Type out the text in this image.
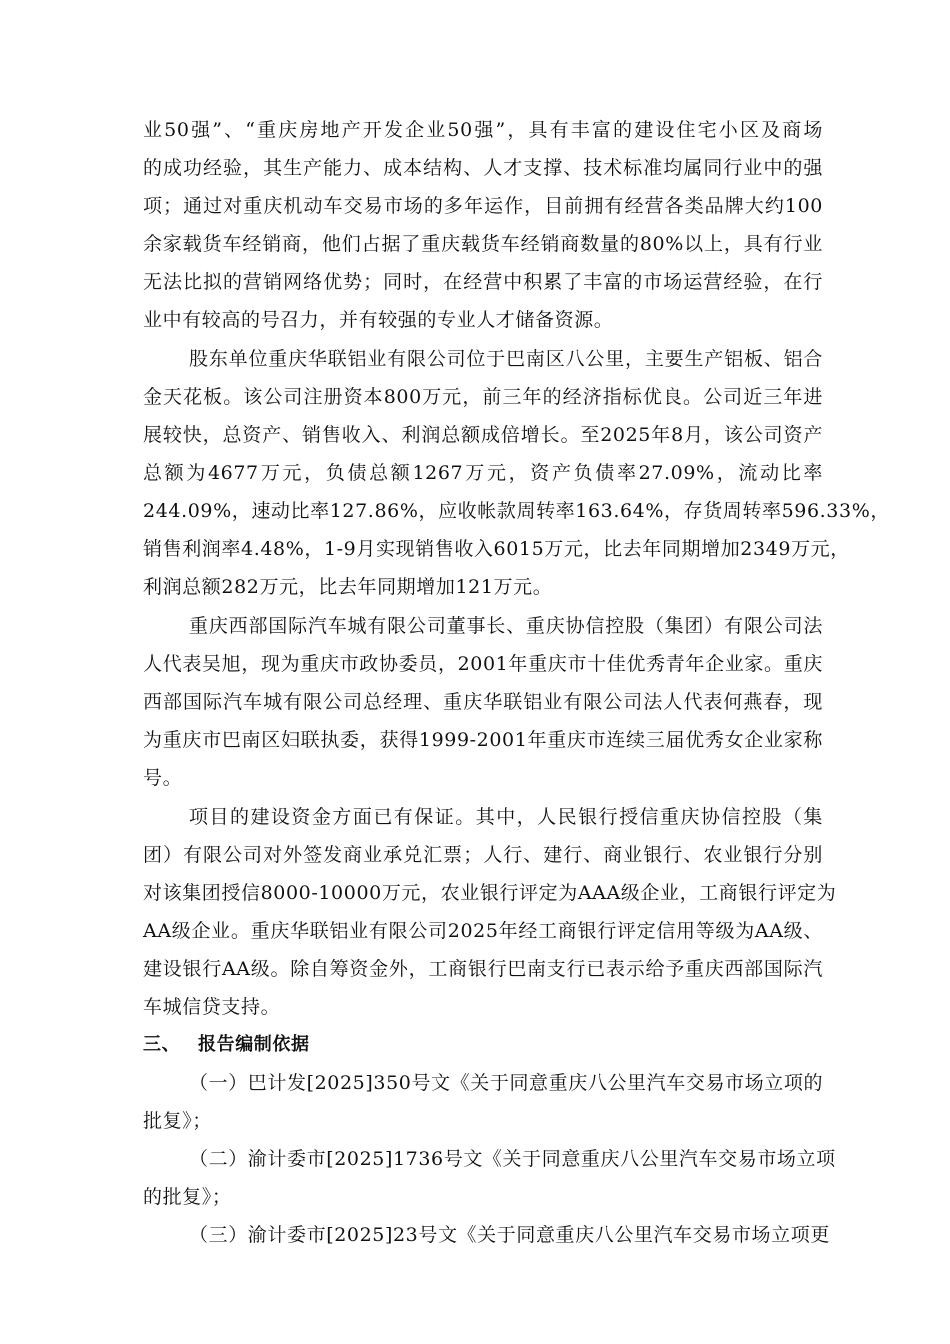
业50强”、“重庆房地产开发企业50强”，具有丰富的建设住宅小区及商场
的成功经验，其生产能力、成本结构、人才支撑、技术标准均属同行业中的强
项；通过对重庆机动车交易市场的多年运作，目前拥有经营各类品牌大约100
余家载货车经销商，他们占据了重庆载货车经销商数量的80%以上，具有行业
无法比拟的营销网络优势；同时，在经营中积累了丰富的市场运营经验，在行
业中有较高的号召力，并有较强的专业人才储备资源。
股东单位重庆华联铝业有限公司位于巴南区八公里，主要生产铝板、铝合
金天花板。该公司注册资本800万元，前三年的经济指标优良。公司近三年进
展较快，总资产、销售收入、利润总额成倍增长。至2025年8月，该公司资产
总额为4677万元，负债总额1267万元，资产负债率27.09%，流动比率
244.09%，速动比率127.86%，应收帐款周转率163.64%，存货周转率596.33%，
销售利润率4.48%，1-9月实现销售收入6015万元，比去年同期增加2349万元，
利润总额282万元，比去年同期增加121万元。
重庆西部国际汽车城有限公司董事长、重庆协信控股（集团）有限公司法
人代表吴旭，现为重庆市政协委员，2001年重庆市十佳优秀青年企业家。重庆
西部国际汽车城有限公司总经理、重庆华联铝业有限公司法人代表何燕春，现
为重庆市巴南区妇联执委，获得1999-2001年重庆市连续三届优秀女企业家称
号。
项目的建设资金方面已有保证。其中，人民银行授信重庆协信控股（集
团）有限公司对外签发商业承兑汇票；人行、建行、商业银行、农业银行分别
对该集团授信8000-10000万元，农业银行评定为AAA级企业，工商银行评定为
AA级企业。重庆华联铝业有限公司2025年经工商银行评定信用等级为AA级、
建设银行AA级。除自筹资金外，工商银行巴南支行已表示给予重庆西部国际汽
车城信贷支持。
三、 报告编制依据
（一）巴计发[2025]350号文《关于同意重庆八公里汽车交易市场立项的
批复》；
（二）渝计委市[2025]1736号文《关于同意重庆八公里汽车交易市场立项
的批复》；
（三）渝计委市[2025]23号文《关于同意重庆八公里汽车交易市场立项更
